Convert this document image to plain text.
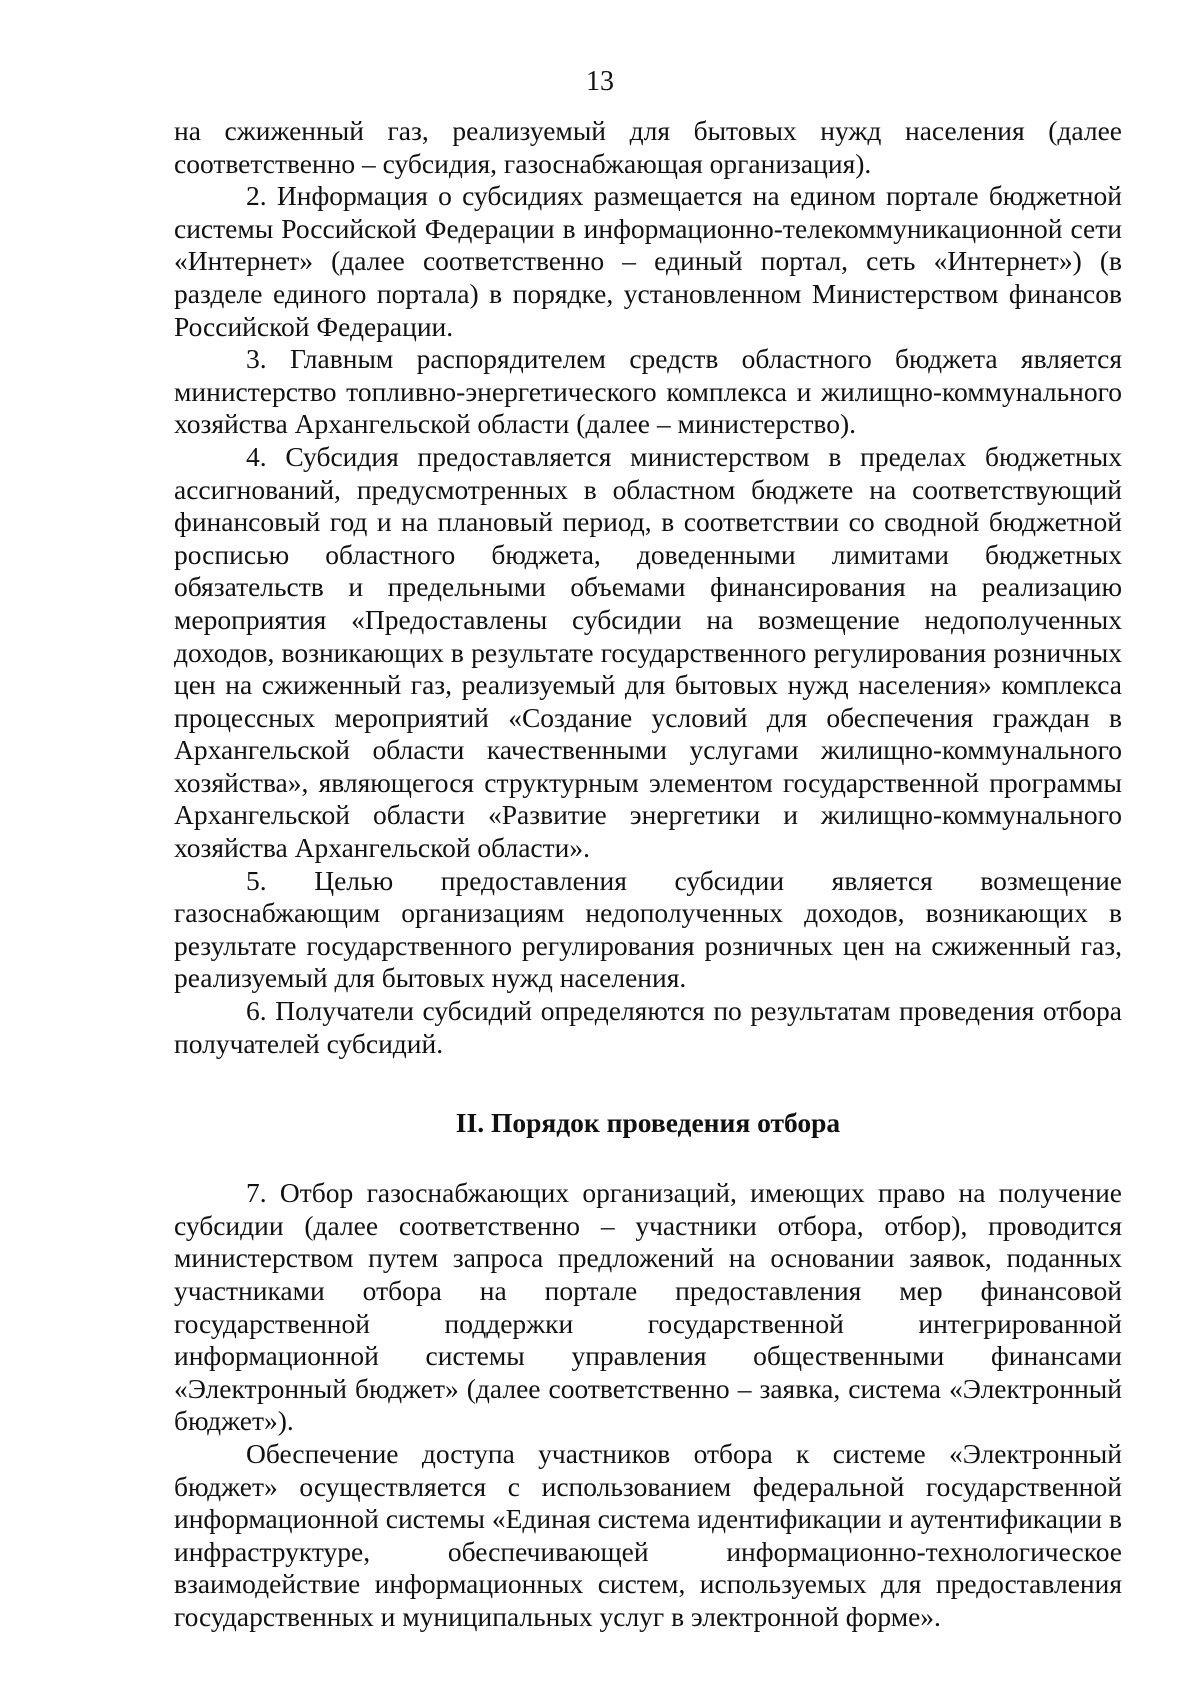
13

на сжиженный газ, реализуемый для бытовых нужд населения (далее соответственно – субсидия, газоснабжающая организация).

2. Информация о субсидиях размещается на едином портале бюджетной системы Российской Федерации в информационно-телекоммуникационной сети «Интернет» (далее соответственно – единый портал, сеть «Интернет») (в разделе единого портала) в порядке, установленном Министерством финансов Российской Федерации.

3. Главным распорядителем средств областного бюджета является министерство топливно-энергетического комплекса и жилищно-коммунального хозяйства Архангельской области (далее – министерство).

4. Субсидия предоставляется министерством в пределах бюджетных ассигнований, предусмотренных в областном бюджете на соответствующий финансовый год и на плановый период, в соответствии со сводной бюджетной росписью областного бюджета, доведенными лимитами бюджетных обязательств и предельными объемами финансирования на реализацию мероприятия «Предоставлены субсидии на возмещение недополученных доходов, возникающих в результате государственного регулирования розничных цен на сжиженный газ, реализуемый для бытовых нужд населения» комплекса процессных мероприятий «Создание условий для обеспечения граждан в Архангельской области качественными услугами жилищно-коммунального хозяйства», являющегося структурным элементом государственной программы Архангельской области «Развитие энергетики и жилищно-коммунального хозяйства Архангельской области».

5. Целью предоставления субсидии является возмещение газоснабжающим организациям недополученных доходов, возникающих в результате государственного регулирования розничных цен на сжиженный газ, реализуемый для бытовых нужд населения.

6. Получатели субсидий определяются по результатам проведения отбора получателей субсидий.

II. Порядок проведения отбора

7. Отбор газоснабжающих организаций, имеющих право на получение субсидии (далее соответственно – участники отбора, отбор), проводится министерством путем запроса предложений на основании заявок, поданных участниками отбора на портале предоставления мер финансовой государственной поддержки государственной интегрированной информационной системы управления общественными финансами «Электронный бюджет» (далее соответственно – заявка, система «Электронный бюджет»).

Обеспечение доступа участников отбора к системе «Электронный бюджет» осуществляется с использованием федеральной государственной информационной системы «Единая система идентификации и аутентификации в инфраструктуре, обеспечивающей информационно-технологическое взаимодействие информационных систем, используемых для предоставления государственных и муниципальных услуг в электронной форме».
